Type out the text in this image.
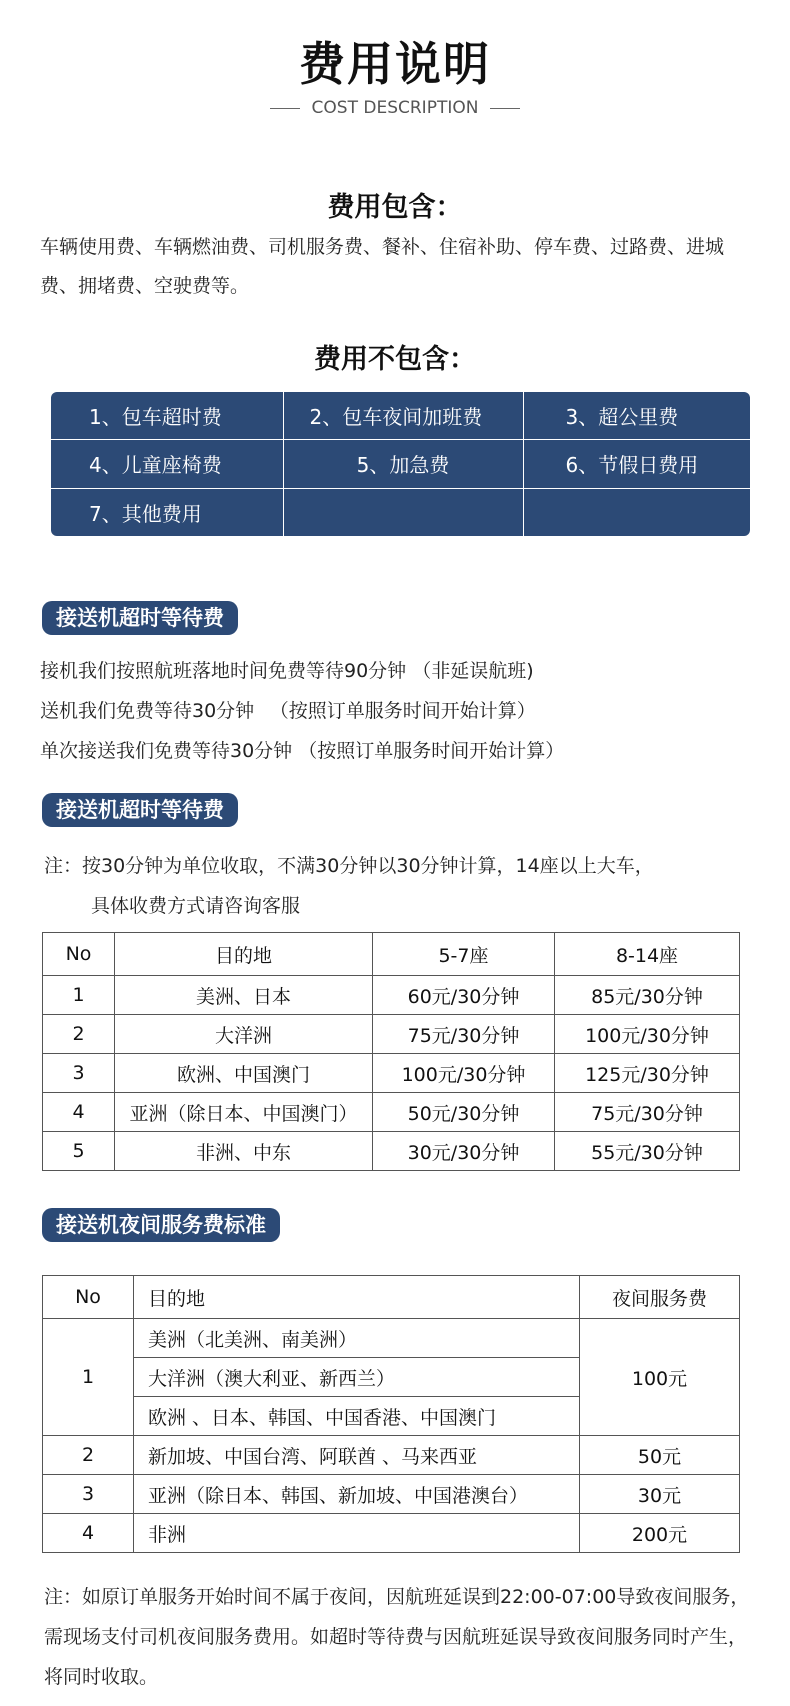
费用说明
COST DESCRIPTION
费用包含：

车辆使用费、车辆燃油费、司机服务费、餐补、住宿补助、停车费、过路费、进城费、拥堵费、空驶费等。

费用不包含：
1、包车超时费	2、包车夜间加班费	3、超公里费
4、儿童座椅费	5、加急费	6、节假日费用
7、其他费用		
接送机超时等待费
接机我们按照航班落地时间免费等待90分钟 （非延误航班)
送机我们免费等待30分钟 　（按照订单服务时间开始计算）
单次接送我们免费等待30分钟 （按照订单服务时间开始计算）
接送机超时等待费
注：按30分钟为单位收取，不满30分钟以30分钟计算，14座以上大车，
具体收费方式请咨询客服
No	目的地	5-7座	8-14座
1	美洲、日本	60元/30分钟	85元/30分钟
2	大洋洲	75元/30分钟	100元/30分钟
3	欧洲、中国澳门	100元/30分钟	125元/30分钟
4	亚洲（除日本、中国澳门）	50元/30分钟	75元/30分钟
5	非洲、中东	30元/30分钟	55元/30分钟
接送机夜间服务费标准
No	目的地	夜间服务费
1	美洲（北美洲、南美洲）	100元
	大洋洲（澳大利亚、新西兰）	
	欧洲 、日本、韩国、中国香港、中国澳门	
2	新加坡、中国台湾、阿联酋 、马来西亚	50元
3	亚洲（除日本、韩国、新加坡、中国港澳台）	30元
4	非洲	200元

注：如原订单服务开始时间不属于夜间，因航班延误到22:00-07:00导致夜间服务，需现场支付司机夜间服务费用。如超时等待费与因航班延误导致夜间服务同时产生，将同时收取。
